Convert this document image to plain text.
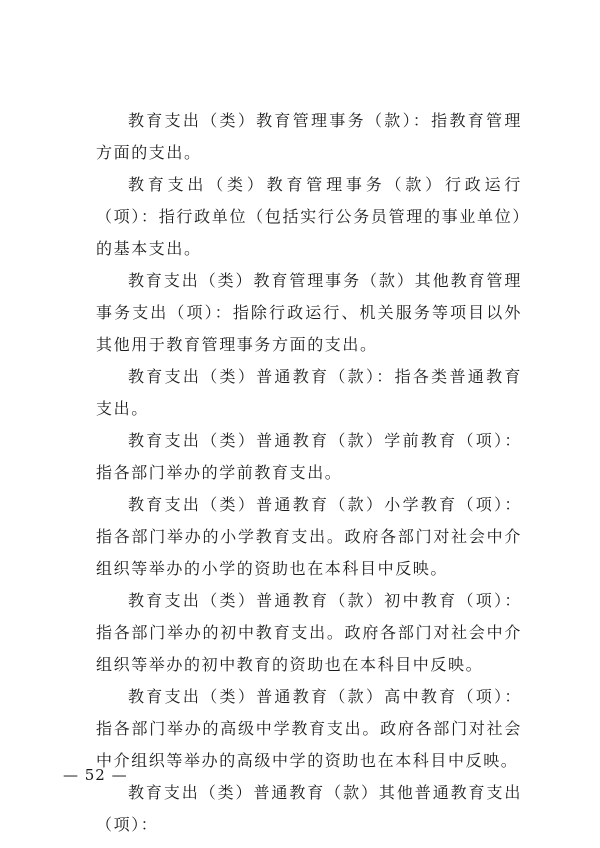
教育支出（类）教育管理事务（款）：指教育管理方面的支出。

教育支出（类）教育管理事务（款）行政运行（项）：指行政单位（包括实行公务员管理的事业单位）的基本支出。

教育支出（类）教育管理事务（款）其他教育管理事务支出（项）：指除行政运行、机关服务等项目以外其他用于教育管理事务方面的支出。

教育支出（类）普通教育（款）：指各类普通教育支出。

教育支出（类）普通教育（款）学前教育（项）：指各部门举办的学前教育支出。

教育支出（类）普通教育（款）小学教育（项）：指各部门举办的小学教育支出。政府各部门对社会中介组织等举办的小学的资助也在本科目中反映。

教育支出（类）普通教育（款）初中教育（项）：指各部门举办的初中教育支出。政府各部门对社会中介组织等举办的初中教育的资助也在本科目中反映。

教育支出（类）普通教育（款）高中教育（项）：指各部门举办的高级中学教育支出。政府各部门对社会中介组织等举办的高级中学的资助也在本科目中反映。

教育支出（类）普通教育（款）其他普通教育支出（项）：

— 52 —
